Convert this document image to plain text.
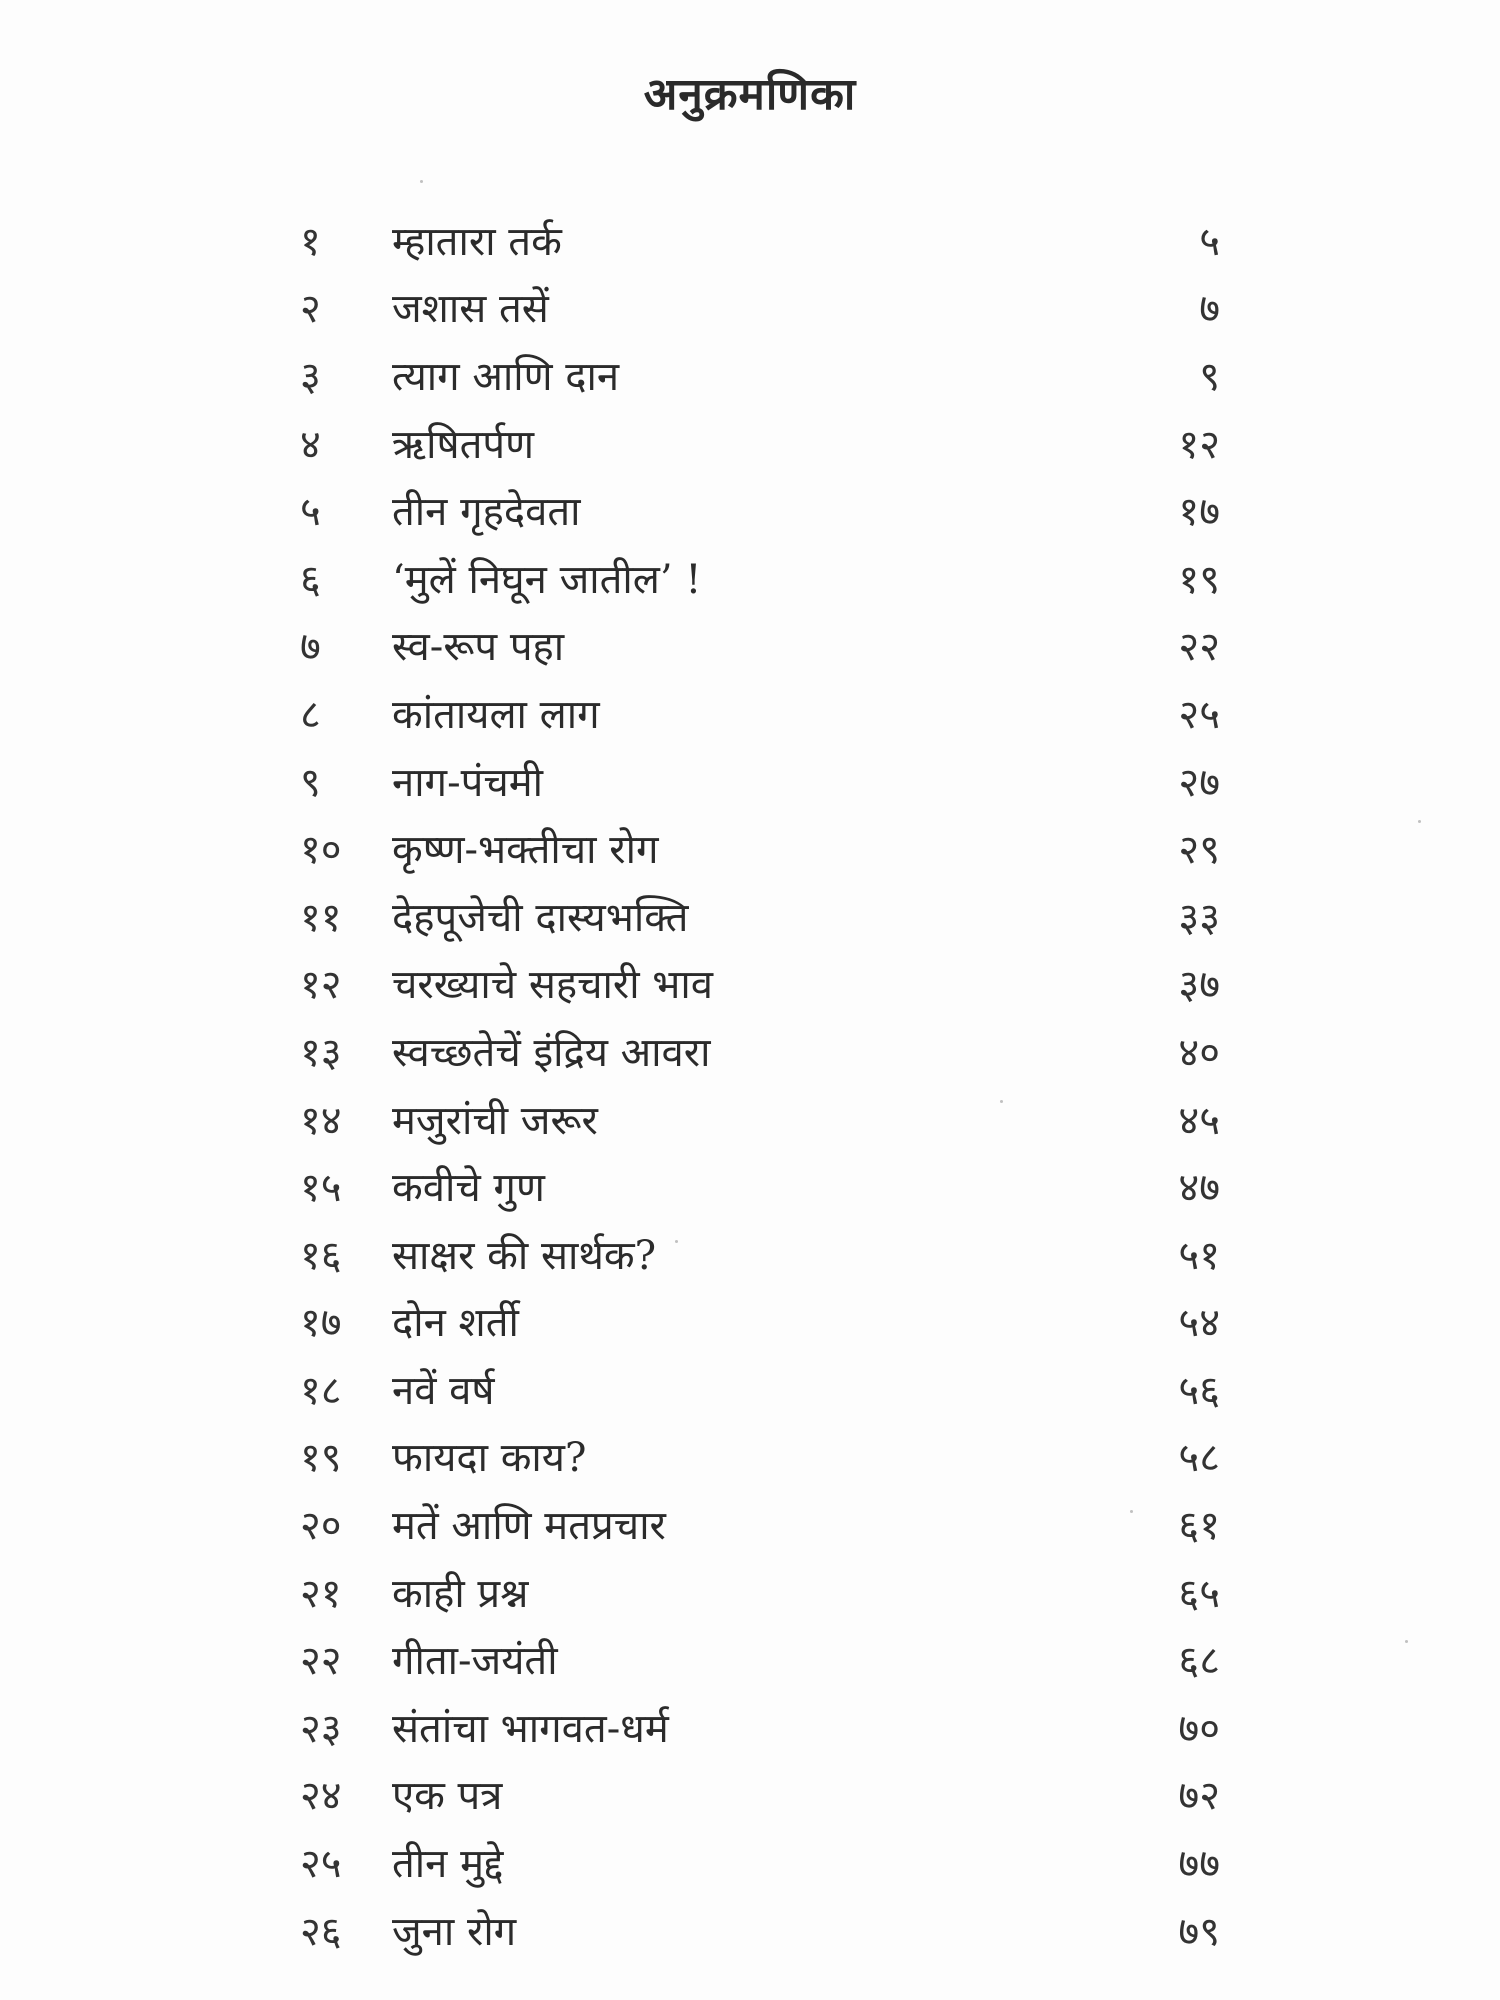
अनुक्रमणिका
१	म्हातारा तर्क	५
२	जशास तसें	७
३	त्याग आणि दान	९
४	ऋषितर्पण	१२
५	तीन गृहदेवता	१७
६	‘मुलें निघून जातील’ !	१९
७	स्व-रूप पहा	२२
८	कांतायला लाग	२५
९	नाग-पंचमी	२७
१०	कृष्ण-भक्तीचा रोग	२९
११	देहपूजेची दास्यभक्ति	३३
१२	चरख्याचे सहचारी भाव	३७
१३	स्वच्छतेचें इंद्रिय आवरा	४०
१४	मजुरांची जरूर	४५
१५	कवीचे गुण	४७
१६	साक्षर की सार्थक?	५१
१७	दोन शर्ती	५४
१८	नवें वर्ष	५६
१९	फायदा काय?	५८
२०	मतें आणि मतप्रचार	६१
२१	काही प्रश्न	६५
२२	गीता-जयंती	६८
२३	संतांचा भागवत-धर्म	७०
२४	एक पत्र	७२
२५	तीन मुद्दे	७७
२६	जुना रोग	७९
